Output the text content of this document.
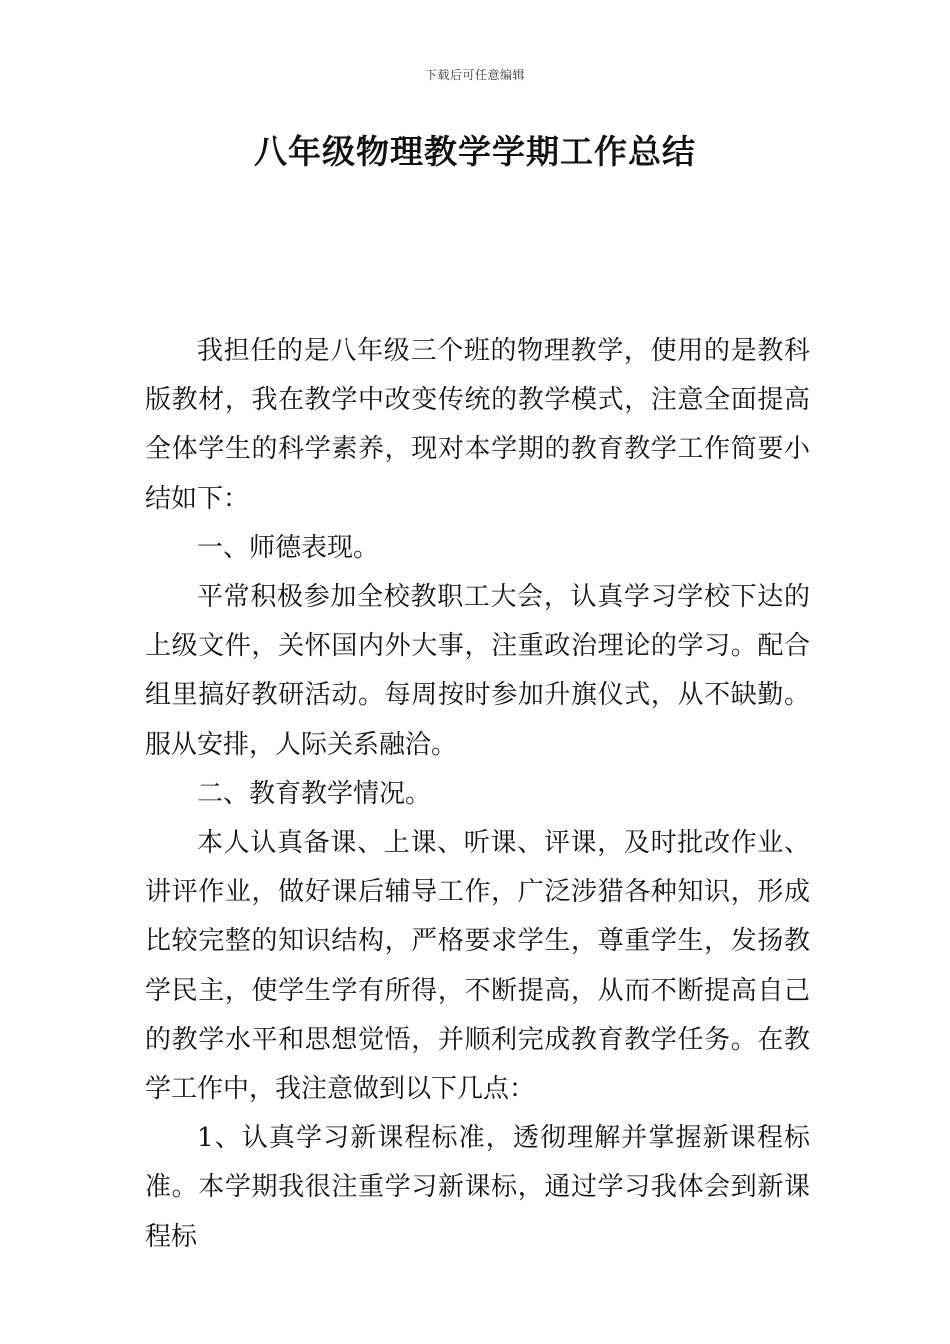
下载后可任意编辑
八年级物理教学学期工作总结

我担任的是八年级三个班的物理教学，使用的是教科版教材，我在教学中改变传统的教学模式，注意全面提高全体学生的科学素养，现对本学期的教育教学工作简要小结如下：

一、师德表现。

平常积极参加全校教职工大会，认真学习学校下达的上级文件，关怀国内外大事，注重政治理论的学习。配合组里搞好教研活动。每周按时参加升旗仪式，从不缺勤。服从安排，人际关系融洽。

二、教育教学情况。

本人认真备课、上课、听课、评课，及时批改作业、讲评作业，做好课后辅导工作，广泛涉猎各种知识，形成比较完整的知识结构，严格要求学生，尊重学生，发扬教学民主，使学生学有所得，不断提高，从而不断提高自己的教学水平和思想觉悟，并顺利完成教育教学任务。在教学工作中，我注意做到以下几点：

1、认真学习新课程标准，透彻理解并掌握新课程标准。本学期我很注重学习新课标，通过学习我体会到新课程标
